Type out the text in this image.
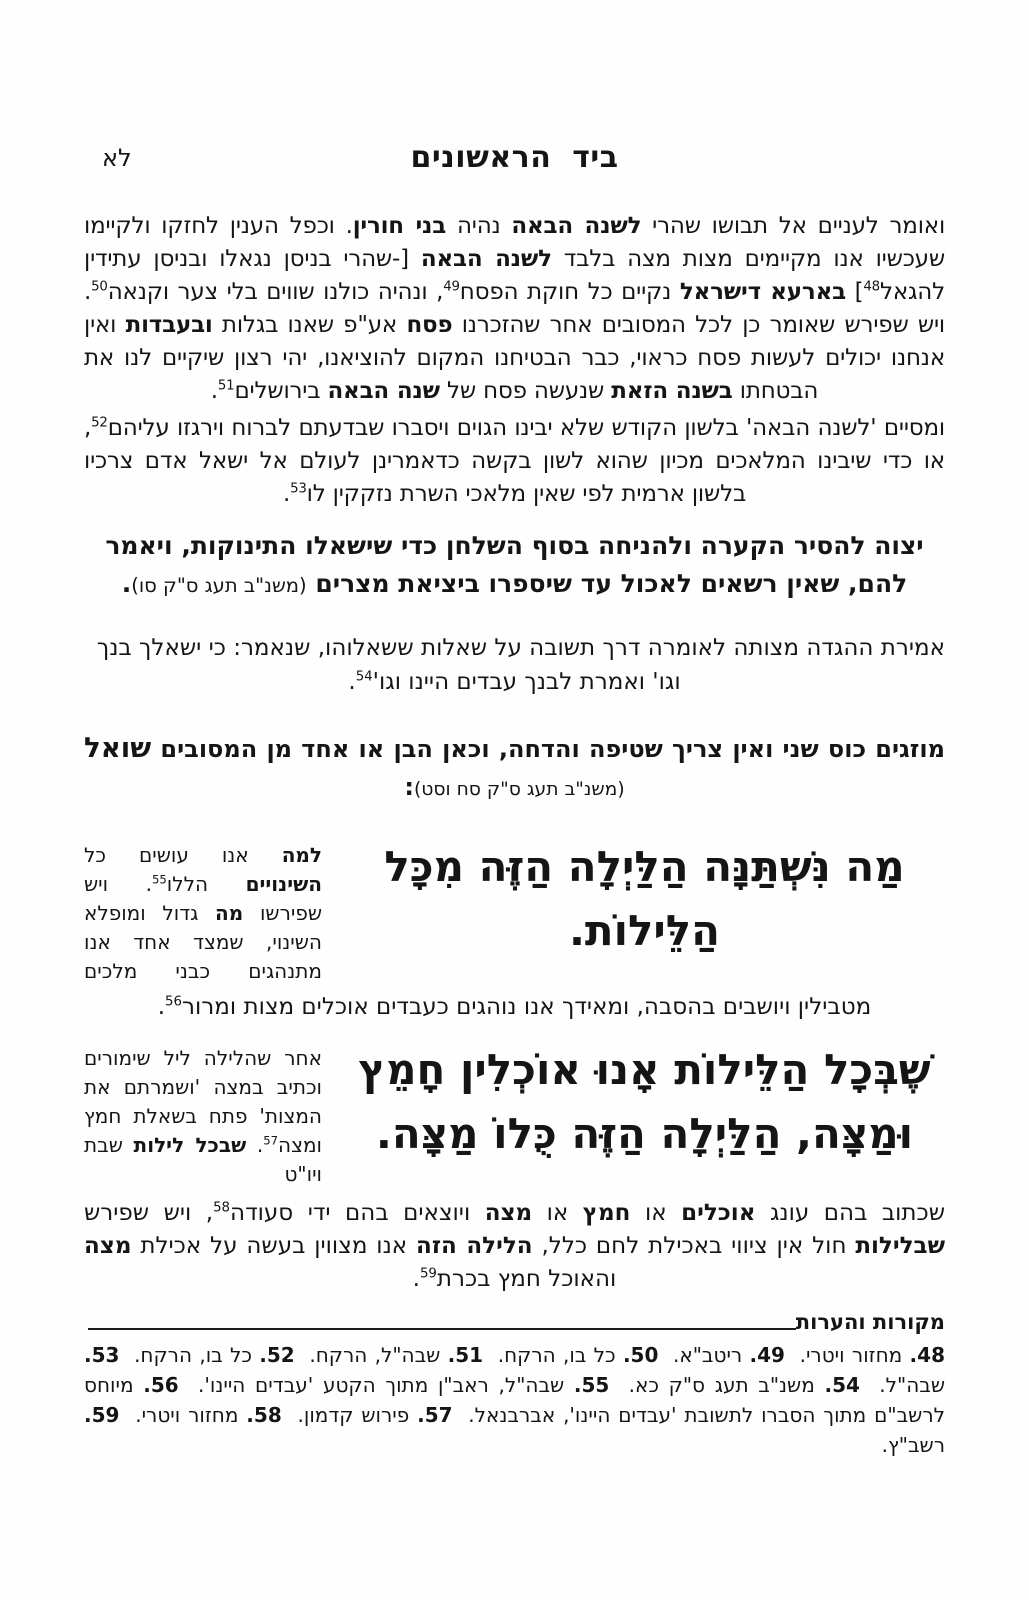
ביד הראשונים
לא

ואומר לעניים אל תבושו שהרי לשנה הבאה נהיה בני חורין. וכפל הענין לחזקו ולקיימו שעכשיו אנו מקיימים מצות מצה בלבד לשנה הבאה [-שהרי בניסן נגאלו ובניסן עתידין להגאל$^{48}$] בארעא דישראל נקיים כל חוקת הפסח$^{49}$, ונהיה כולנו שווים בלי צער וקנאה$^{50}$. ויש שפירש שאומר כן לכל המסובים אחר שהזכרנו פסח אע"פ שאנו בגלות ובעבדות ואין אנחנו יכולים לעשות פסח כראוי, כבר הבטיחנו המקום להוציאנו, יהי רצון שיקיים לנו את הבטחתו בשנה הזאת שנעשה פסח של שנה הבאה בירושלים$^{51}$.

ומסיים 'לשנה הבאה' בלשון הקודש שלא יבינו הגוים ויסברו שבדעתם לברוח וירגזו עליהם$^{52}$, או כדי שיבינו המלאכים מכיון שהוא לשון בקשה כדאמרינן לעולם אל ישאל אדם צרכיו בלשון ארמית לפי שאין מלאכי השרת נזקקין לו$^{53}$.

יצוה להסיר הקערה ולהניחה בסוף השלחן כדי שישאלו התינוקות, ויאמר להם, שאין רשאים לאכול עד שיספרו ביציאת מצרים (משנ"ב תעג ס"ק סו).

אמירת ההגדה מצותה לאומרה דרך תשובה על שאלות ששאלוהו, שנאמר: כי ישאלך בנך וגו' ואמרת לבנך עבדים היינו $וגו'^{54}$.

מוזגים כוס שני ואין צריך שטיפה והדחה, וכאן הבן או אחד מן המסובים שואל (משנ"ב תעג ס"ק סח וסט):

מַה נִּשְׁתַּנָּה הַלַּיְלָה הַזֶּה מִכָּל
הַלֵּילוֹת.
למה אנו עושים כל השינויים הללו$^{55}$. ויש שפירשו מה גדול ומופלא השינוי, שמצד אחד אנו מתנהגים כבני מלכים

מטבילין ויושבים בהסבה, ומאידך אנו נוהגים כעבדים אוכלים מצות ומרור$^{56}$.

שֶׁבְּכָל הַלֵּילוֹת אָנוּ אוֹכְלִין חָמֵץ
וּמַצָּה, הַלַּיְלָה הַזֶּה כֻּלוֹ מַצָּה.
אחר שהלילה ליל שימורים וכתיב במצה 'ושמרתם את המצות' פתח בשאלת חמץ ומצה$^{57}$. שבכל לילות שבת ויו"ט

שכתוב בהם עונג אוכלים או חמץ או מצה ויוצאים בהם ידי סעודה$^{58}$, ויש שפירש שבלילות חול אין ציווי באכילת לחם כלל, הלילה הזה אנו מצווין בעשה על אכילת מצה והאוכל חמץ בכרת$^{59}$.

מקורות והערות

48. מחזור ויטרי.  49. ריטב"א.  50. כל בו, הרקח.  51. שבה"ל, הרקח.  52. כל בו, הרקח.  53. שבה"ל.  54. משנ"ב תעג ס"ק כא.  55. שבה"ל, ראב"ן מתוך הקטע 'עבדים היינו'.  56. מיוחס לרשב"ם מתוך הסברו לתשובת 'עבדים היינו', אברבנאל.  57. פירוש קדמון.  58. מחזור ויטרי.  59. רשב"ץ.
